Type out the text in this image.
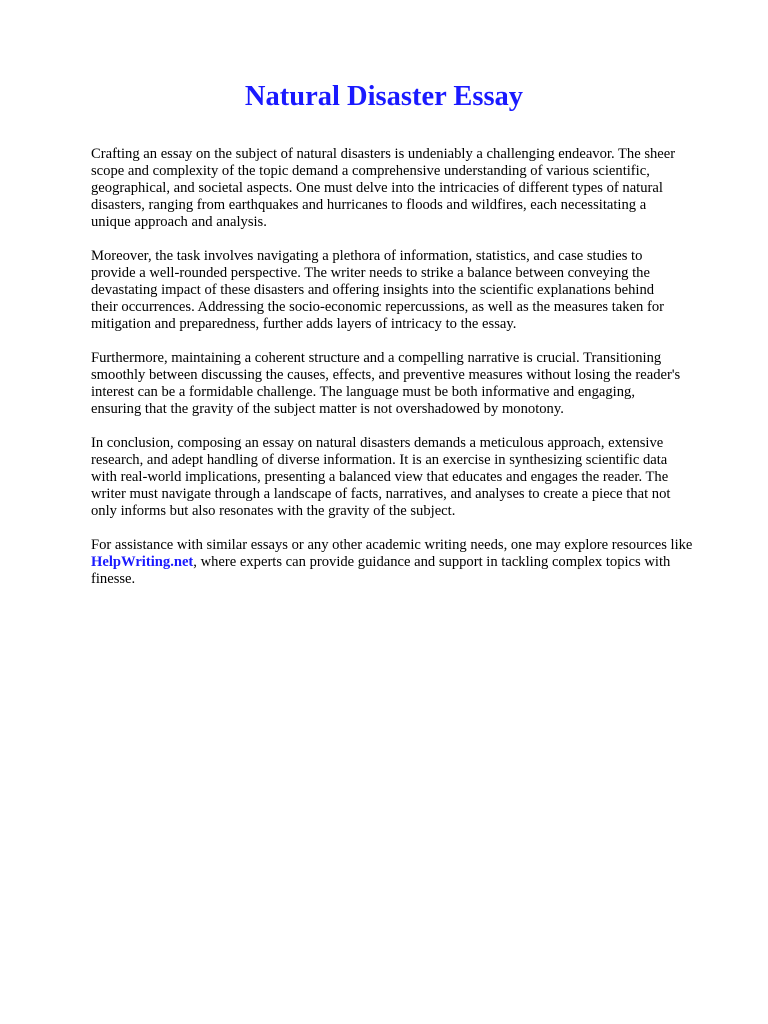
Natural Disaster Essay

Crafting an essay on the subject of natural disasters is undeniably a challenging endeavor. The sheer
scope and complexity of the topic demand a comprehensive understanding of various scientific,
geographical, and societal aspects. One must delve into the intricacies of different types of natural
disasters, ranging from earthquakes and hurricanes to floods and wildfires, each necessitating a
unique approach and analysis.

Moreover, the task involves navigating a plethora of information, statistics, and case studies to
provide a well-rounded perspective. The writer needs to strike a balance between conveying the
devastating impact of these disasters and offering insights into the scientific explanations behind
their occurrences. Addressing the socio-economic repercussions, as well as the measures taken for
mitigation and preparedness, further adds layers of intricacy to the essay.

Furthermore, maintaining a coherent structure and a compelling narrative is crucial. Transitioning
smoothly between discussing the causes, effects, and preventive measures without losing the reader's
interest can be a formidable challenge. The language must be both informative and engaging,
ensuring that the gravity of the subject matter is not overshadowed by monotony.

In conclusion, composing an essay on natural disasters demands a meticulous approach, extensive
research, and adept handling of diverse information. It is an exercise in synthesizing scientific data
with real-world implications, presenting a balanced view that educates and engages the reader. The
writer must navigate through a landscape of facts, narratives, and analyses to create a piece that not
only informs but also resonates with the gravity of the subject.

For assistance with similar essays or any other academic writing needs, one may explore resources like
HelpWriting.net, where experts can provide guidance and support in tackling complex topics with
finesse.
